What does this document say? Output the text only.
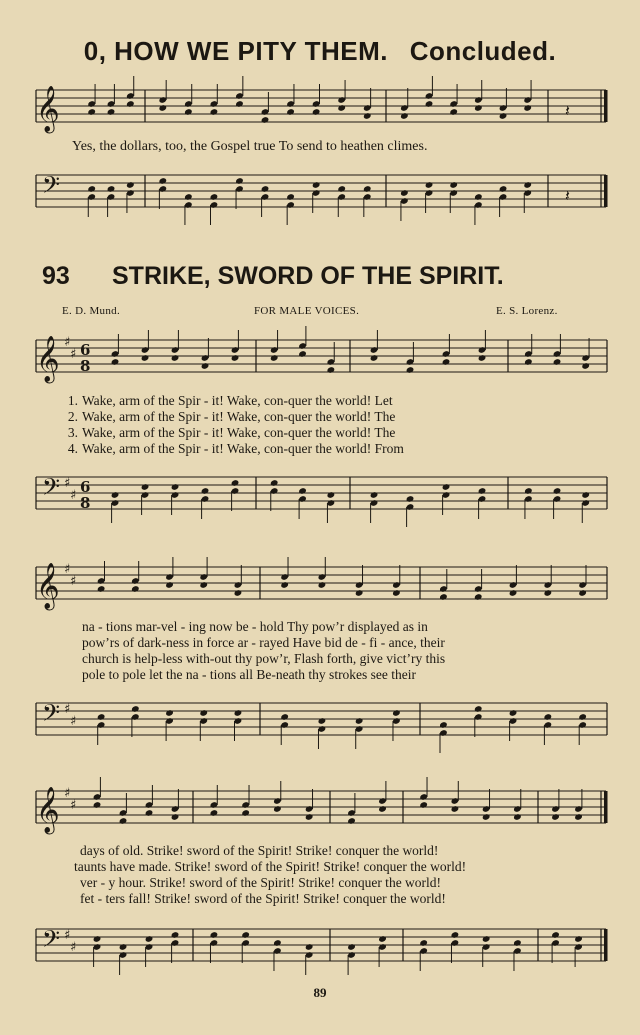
𝄞	𝄽
𝄢	𝄽
𝄞 ♯
♯ 6
8
𝄢 ♯
♯ 6
8
𝄞 ♯
♯
𝄢 ♯
♯
𝄞 ♯
♯
𝄢 ♯
♯
0, HOW WE PITY THEM. Concluded.
Yes, the dollars, too, the Gospel true To send to heathen climes.
93 STRIKE, SWORD OF THE SPIRIT.
E. D. Mund.	FOR MALE VOICES.	E. S. Lorenz.
1. Wake, arm of the Spir - it! Wake, con-quer the world! Let
2. Wake, arm of the Spir - it! Wake, con-quer the world! The
3. Wake, arm of the Spir - it! Wake, con-quer the world! The
4. Wake, arm of the Spir - it! Wake, con-quer the world! From
na - tions mar-vel - ing now be - hold Thy pow’r displayed as in
pow’rs of dark-ness in force ar - rayed Have bid de - fi - ance, their
church is help-less with-out thy pow’r, Flash forth, give vict’ry this
pole to pole let the na - tions all Be-neath thy strokes see their
days of old. Strike! sword of the Spirit! Strike! conquer the world!
taunts have made. Strike! sword of the Spirit! Strike! conquer the world!
ver - y hour. Strike! sword of the Spirit! Strike! conquer the world!
fet - ters fall! Strike! sword of the Spirit! Strike! conquer the world!
89
